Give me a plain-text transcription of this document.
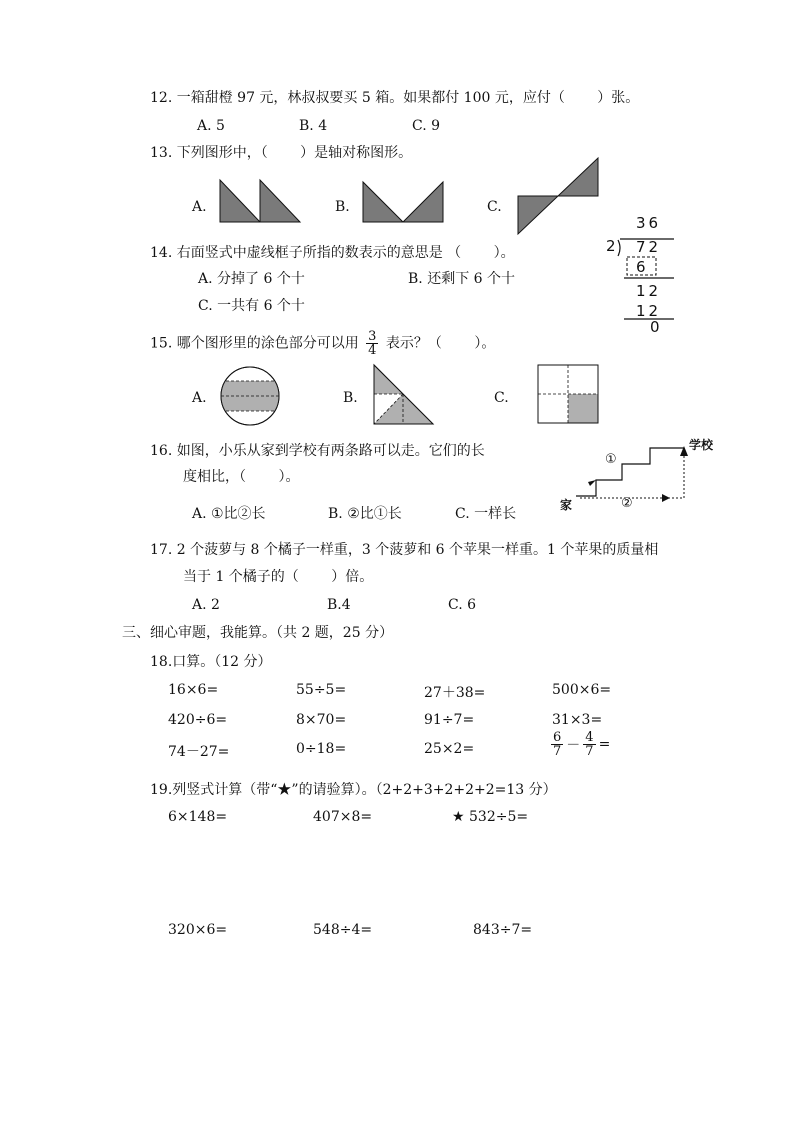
12. 一箱甜橙 97 元，林叔叔要买 5 箱。如果都付 100 元，应付（　　 ）张。
A. 5	B. 4	C. 9
13. 下列图形中，（　　 ）是轴对称图形。
A.	B.	C.
14. 右面竖式中虚线框子所指的数表示的意思是 （　　 ）。
A. 分掉了 6 个十	B. 还剩下 6 个十
C. 一共有 6 个十
36
2 72
6
12
12
0
15. 哪个图形里的涂色部分可以用 $\frac{3}{4}$ 表示？（　　 ）。
A.	B.	C.
16. 如图，小乐从家到学校有两条路可以走。它们的长
度相比，（　　 ）。
A. ①比②长	B. ②比①长	C. 一样长
学校
家
①
②
17. 2 个菠萝与 8 个橘子一样重，3 个菠萝和 6 个苹果一样重。1 个苹果的质量相
当于 1 个橘子的（　　 ）倍。
A. 2	B.4	C. 6
三、细心审题，我能算。（共 2 题，25 分）
18.口算。（12 分）
16×6=	55÷5=	27＋38=	500×6=
420÷6=	8×70=	91÷7=	31×3=
74－27=	0÷18=	25×2=	$\frac{6}{7} - \frac{4}{7}$ =
19.列竖式计算（带“★”的请验算）。（2+2+3+2+2+2=13 分）
6×148=	407×8=	★ 532÷5=
320×6=	548÷4=	843÷7=
